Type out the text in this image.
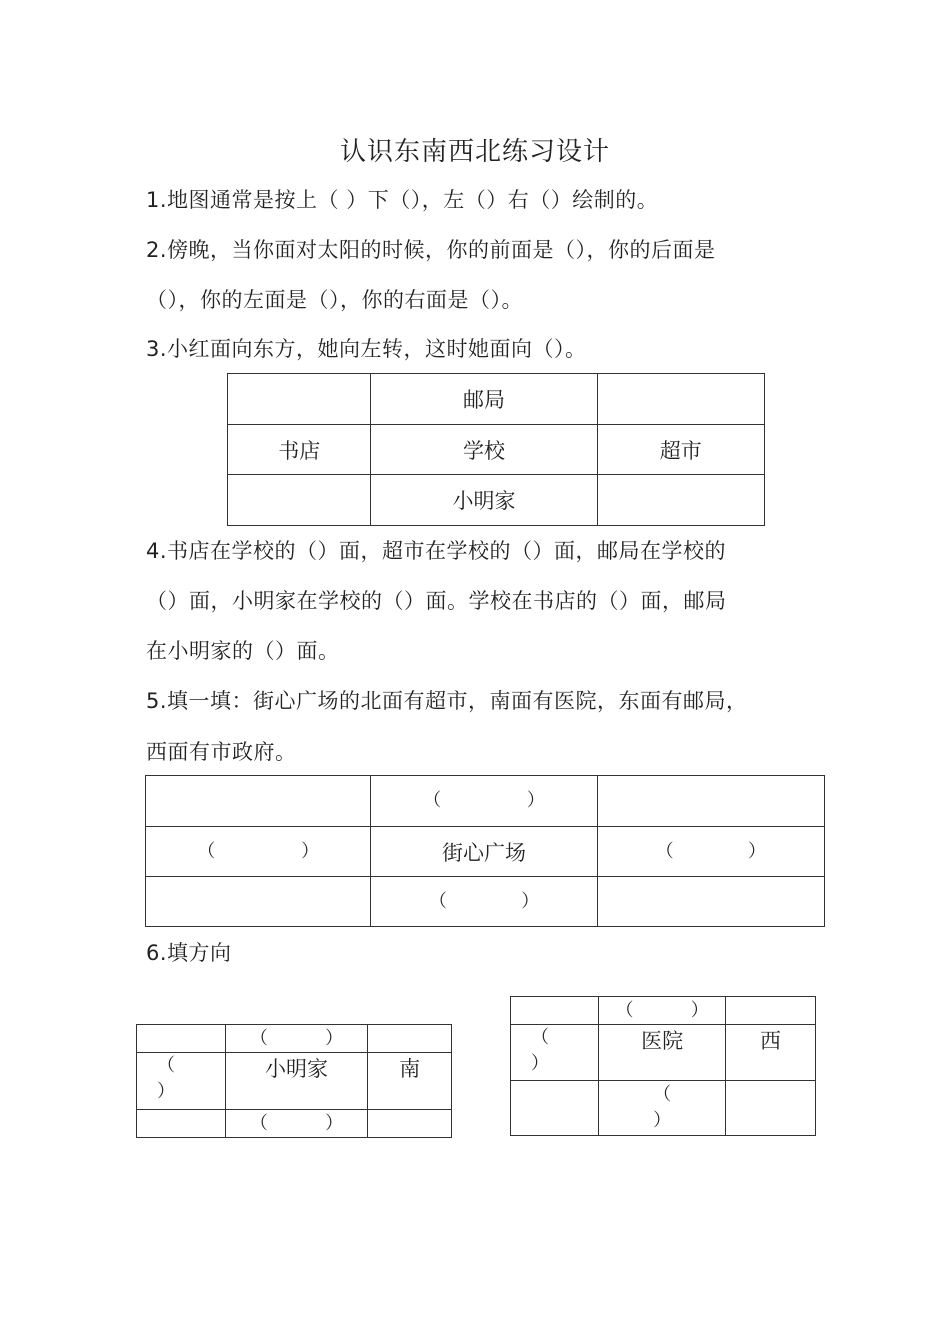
认识东南西北练习设计
1.地图通常是按上（ ）下（），左（）右（）绘制的。
2.傍晚，当你面对太阳的时候，你的前面是（），你的后面是
（），你的左面是（），你的右面是（）。
3.小红面向东方，她向左转，这时她面向（）。
	邮局	
书店	学校	超市
	小明家	
4.书店在学校的（）面，超市在学校的（）面，邮局在学校的
（）面，小明家在学校的（）面。学校在书店的（）面，邮局
在小明家的（）面。
5.填一填：街心广场的北面有超市，南面有医院，东面有邮局，
西面有市政府。
	（               ）	
（               ）	街心广场	（             ）
	（             ）	
6.填方向
	（          ）	
（
）	小明家	南
	（          ）	
	（          ）	
（
）	医院	西
	（
）	
